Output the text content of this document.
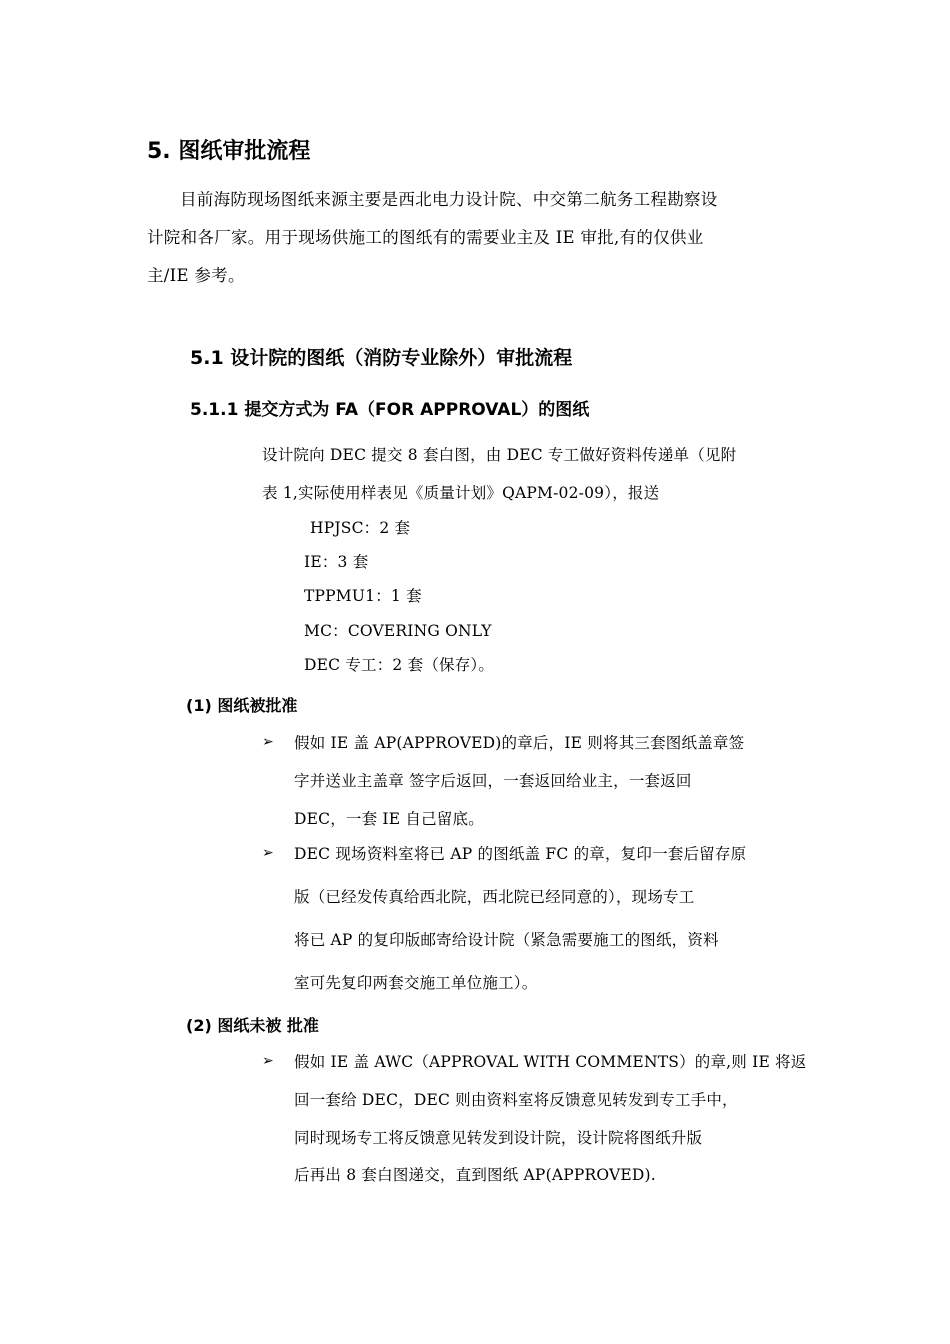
5. 图纸审批流程
目前海防现场图纸来源主要是西北电力设计院、中交第二航务工程勘察设
计院和各厂家。用于现场供施工的图纸有的需要业主及 IE 审批,有的仅供业
主/IE 参考。
5.1 设计院的图纸（消防专业除外）审批流程
5.1.1 提交方式为 FA（FOR APPROVAL）的图纸
设计院向 DEC 提交 8 套白图，由 DEC 专工做好资料传递单（见附
表 1,实际使用样表见《质量计划》QAPM-02-09），报送
HPJSC：2 套
IE：3 套
TPPMU1：1 套
MC：COVERING ONLY
DEC 专工：2 套（保存）。
(1) 图纸被批准
➢ 假如 IE 盖 AP(APPROVED)的章后，IE 则将其三套图纸盖章签
字并送业主盖章 签字后返回，一套返回给业主，一套返回
DEC，一套 IE 自己留底。
➢ DEC 现场资料室将已 AP 的图纸盖 FC 的章，复印一套后留存原
版（已经发传真给西北院，西北院已经同意的），现场专工
将已 AP 的复印版邮寄给设计院（紧急需要施工的图纸，资料
室可先复印两套交施工单位施工）。
(2) 图纸未被 批准
➢ 假如 IE 盖 AWC（APPROVAL WITH COMMENTS）的章,则 IE 将返
回一套给 DEC，DEC 则由资料室将反馈意见转发到专工手中，
同时现场专工将反馈意见转发到设计院，设计院将图纸升版
后再出 8 套白图递交，直到图纸 AP(APPROVED).
